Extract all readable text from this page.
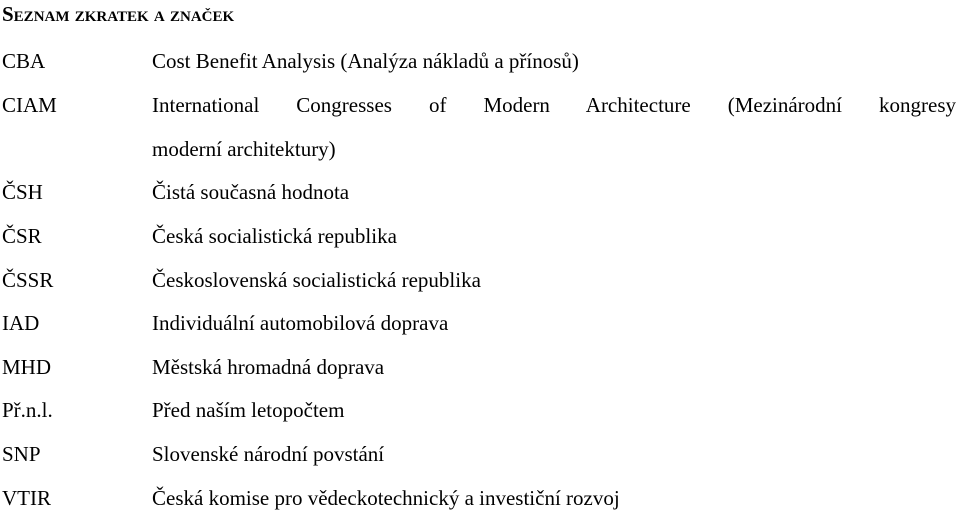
Seznam zkratek a značek
CBA	Cost Benefit Analysis (Analýza nákladů a přínosů)
CIAM	International Congresses of Modern Architecture (Mezinárodní kongresy
moderní architektury)
ČSH	Čistá současná hodnota
ČSR	Česká socialistická republika
ČSSR	Československá socialistická republika
IAD	Individuální automobilová doprava
MHD	Městská hromadná doprava
Př.n.l.	Před naším letopočtem
SNP	Slovenské národní povstání
VTIR	Česká komise pro vědeckotechnický a investiční rozvoj
